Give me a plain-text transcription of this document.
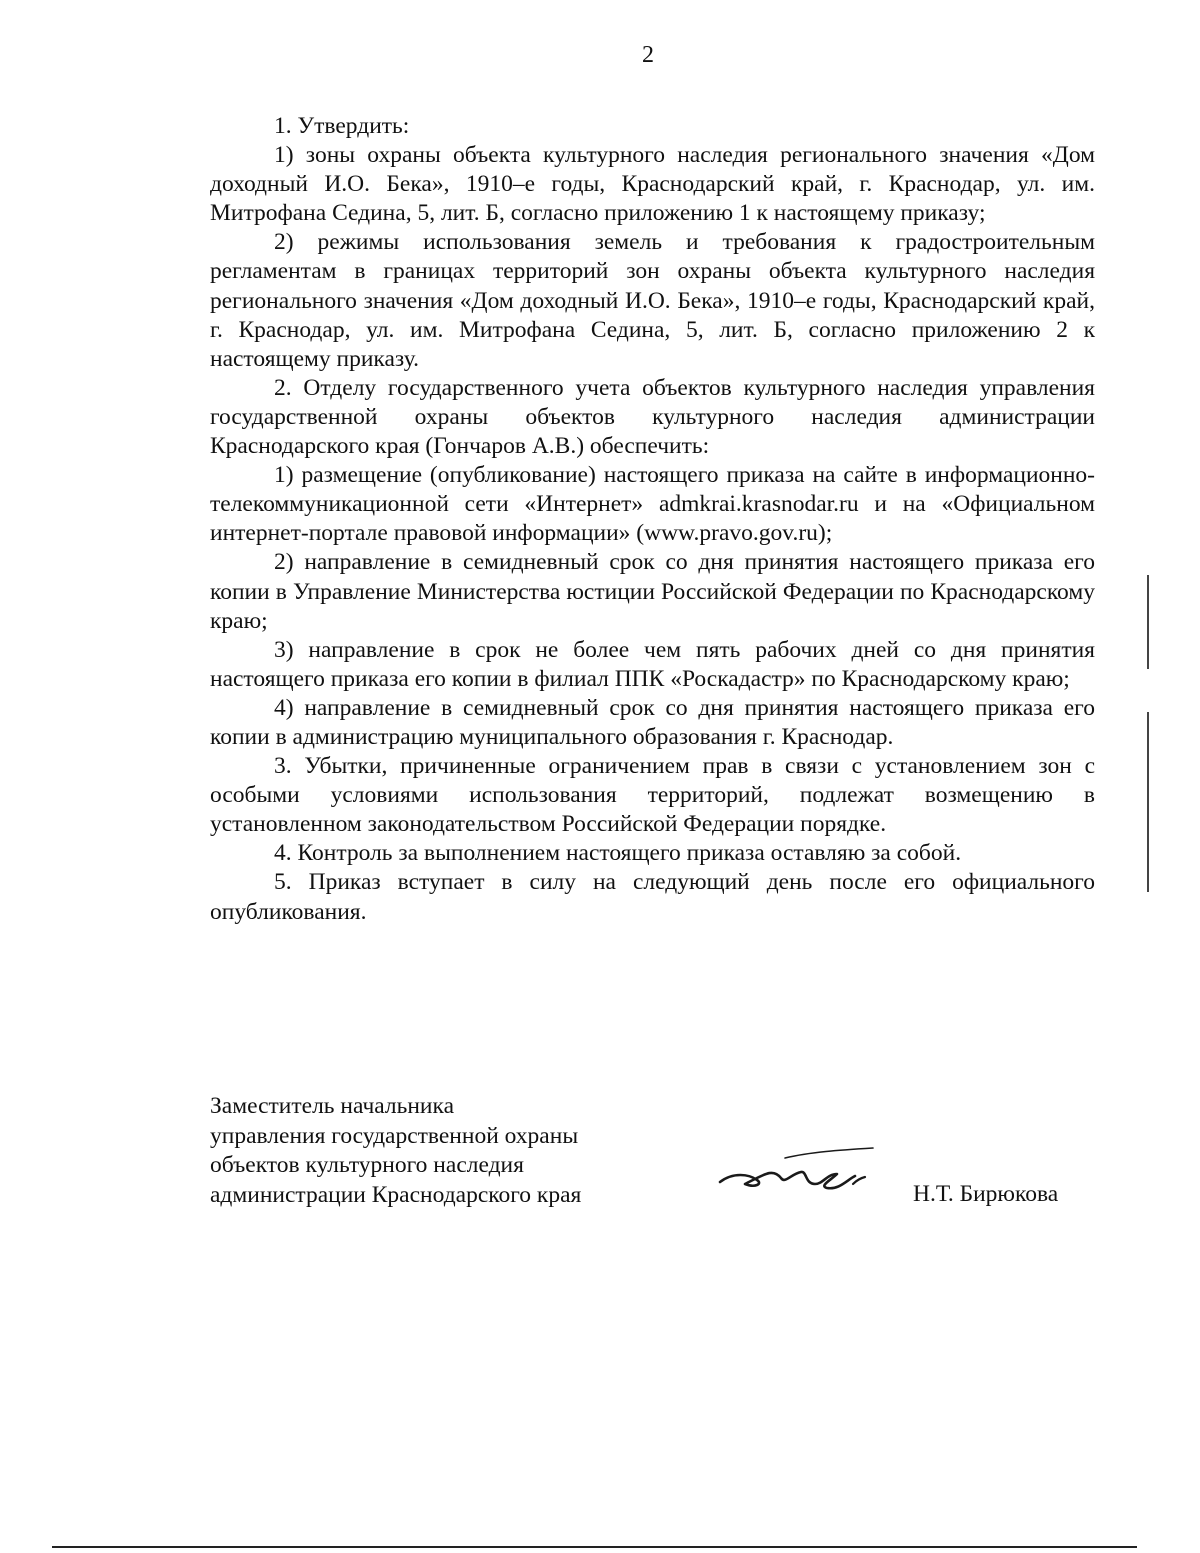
2

1. Утвердить:

1) зоны охраны объекта культурного наследия регионального значения «Дом доходный И.О. Бека», 1910–е годы, Краснодарский край, г. Краснодар, ул. им. Митрофана Седина, 5, лит. Б, согласно приложению 1 к настоящему приказу;

2) режимы использования земель и требования к градостроительным регламентам в границах территорий зон охраны объекта культурного наследия регионального значения «Дом доходный И.О. Бека», 1910–е годы, Краснодарский край, г. Краснодар, ул. им. Митрофана Седина, 5, лит. Б, согласно приложению 2 к настоящему приказу.

2. Отделу государственного учета объектов культурного наследия управления государственной охраны объектов культурного наследия администрации Краснодарского края (Гончаров А.В.) обеспечить:

1) размещение (опубликование) настоящего приказа на сайте в информационно-телекоммуникационной сети «Интернет» admkrai.krasnodar.ru и на «Официальном интернет-портале правовой информации» (www.pravo.gov.ru);

2) направление в семидневный срок со дня принятия настоящего приказа его копии в Управление Министерства юстиции Российской Федерации по Краснодарскому краю;

3) направление в срок не более чем пять рабочих дней со дня принятия настоящего приказа его копии в филиал ППК «Роскадастр» по Краснодарскому краю;

4) направление в семидневный срок со дня принятия настоящего приказа его копии в администрацию муниципального образования г. Краснодар.

3. Убытки, причиненные ограничением прав в связи с установлением зон с особыми условиями использования территорий, подлежат возмещению в установленном законодательством Российской Федерации порядке.

4. Контроль за выполнением настоящего приказа оставляю за собой.

5. Приказ вступает в силу на следующий день после его официального опубликования.

Заместитель начальника
управления государственной охраны
объектов культурного наследия
администрации Краснодарского края	Н.Т. Бирюкова
